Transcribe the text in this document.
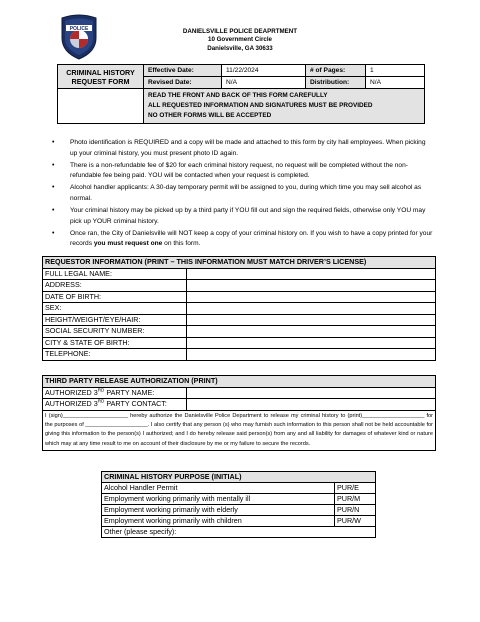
POLICE	DANIELSVILLE POLICE DEAPRTMENT
10 Government Circle
Danielsville, GA 30633
CRIMINAL HISTORY
REQUEST FORM	Effective Date:	11/22/2024	# of Pages:	1
	Revised Date:	N/A	Distribution:	N/A

	READ THE FRONT AND BACK OF THIS FORM CAREFULLY
ALL REQUESTED INFORMATION AND SIGNATURES MUST BE PROVIDED
NO OTHER FORMS WILL BE ACCEPTED			
• Photo identification is REQUIRED and a copy will be made and attached to this form by city hall employees. When picking up your criminal history, you must present photo ID again.
• There is a non-refundable fee of $20 for each criminal history request, no request will be completed without the non-refundable fee being paid. YOU will be contacted when your request is completed.
• Alcohol handler applicants: A 30-day temporary permit will be assigned to you, during which time you may sell alcohol as normal.
• Your criminal history may be picked up by a third party if YOU fill out and sign the required fields, otherwise only YOU may pick up YOUR criminal history.
• Once ran, the City of Danielsville will NOT keep a copy of your criminal history on. If you wish to have a copy printed for your records you must request one on this form.
REQUESTOR INFORMATION (PRINT – THIS INFORMATION MUST MATCH DRIVER’S LICENSE)	
FULL LEGAL NAME:	
ADDRESS:	
DATE OF BIRTH:	
SEX:	
HEIGHT/WEIGHT/EYE/HAIR:	
SOCIAL SECURITY NUMBER:	
CITY & STATE OF BIRTH:	
TELEPHONE:	
THIRD PARTY RELEASE AUTHORIZATION (PRINT)	
AUTHORIZED 3RD PARTY NAME:	
AUTHORIZED 3RD PARTY CONTACT:	
I (sign)_____________________ hereby authorize the Danielsville Police Department to release my criminal history to (print)____________________ for the purposes of ____________________. I also certify that any person (s) who may furnish such information to this person shall not be held accountable for giving this information to the person(s) I authorized; and I do hereby release said person(s) from any and all liability for damages of whatever kind or nature which may at any time result to me on account of their disclosure by me or my failure to secure the records.	
CRIMINAL HISTORY PURPOSE (INITIAL)	
Alcohol Handler Permit	PUR/E
Employment working primarily with mentally ill	PUR/M
Employment working primarily with elderly	PUR/N
Employment working primarily with children	PUR/W
Other (please specify):	
